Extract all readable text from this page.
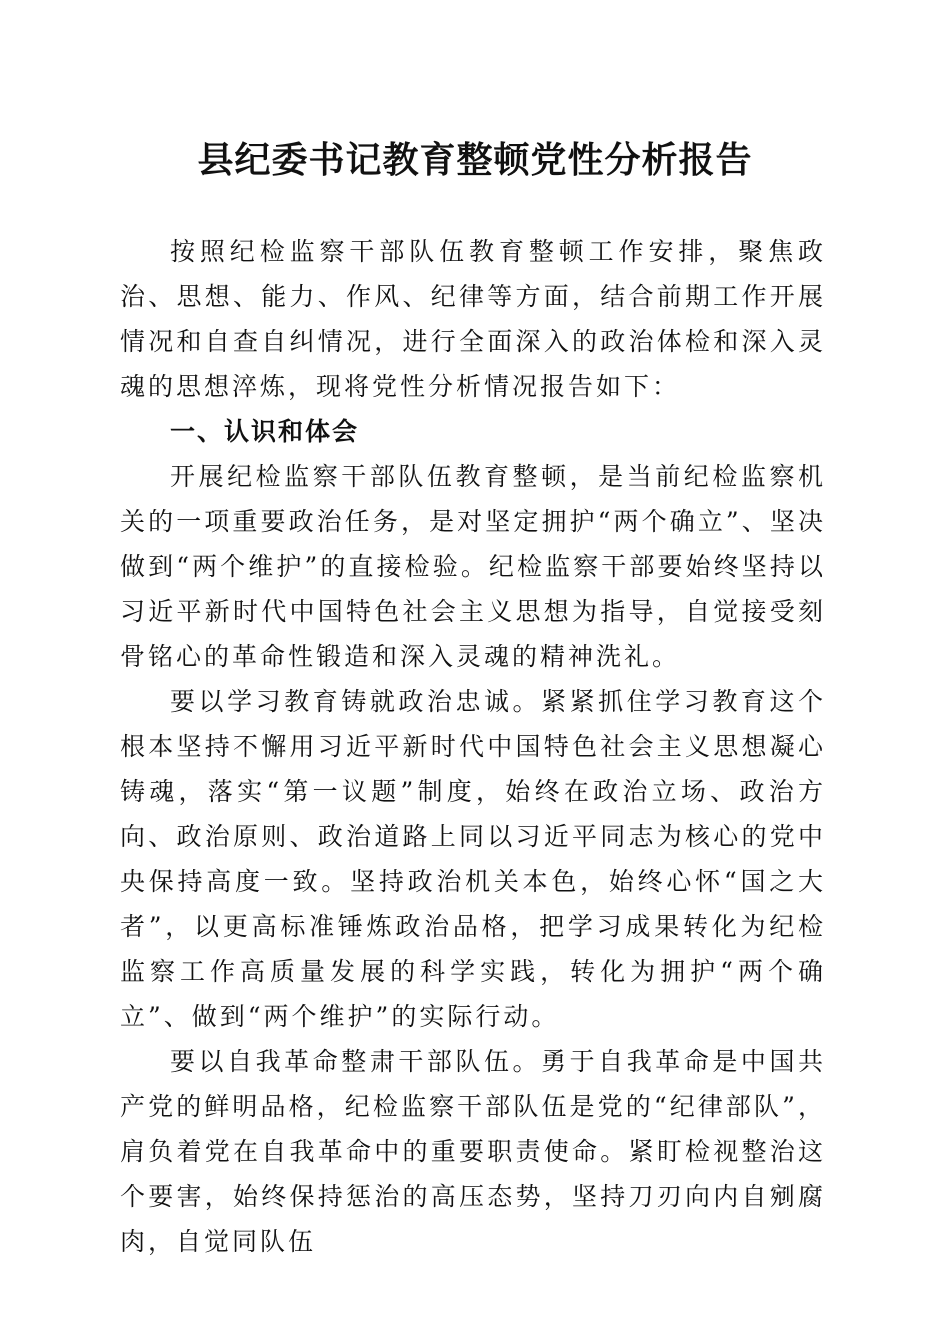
县纪委书记教育整顿党性分析报告

按照纪检监察干部队伍教育整顿工作安排，聚焦政治、思想、能力、作风、纪律等方面，结合前期工作开展情况和自查自纠情况，进行全面深入的政治体检和深入灵魂的思想淬炼，现将党性分析情况报告如下：

一、认识和体会

开展纪检监察干部队伍教育整顿，是当前纪检监察机关的一项重要政治任务，是对坚定拥护“两个确立”、坚决做到“两个维护”的直接检验。纪检监察干部要始终坚持以习近平新时代中国特色社会主义思想为指导，自觉接受刻骨铭心的革命性锻造和深入灵魂的精神洗礼。

要以学习教育铸就政治忠诚。紧紧抓住学习教育这个根本坚持不懈用习近平新时代中国特色社会主义思想凝心铸魂，落实“第一议题”制度，始终在政治立场、政治方向、政治原则、政治道路上同以习近平同志为核心的党中央保持高度一致。坚持政治机关本色，始终心怀“国之大者”，以更高标准锤炼政治品格，把学习成果转化为纪检监察工作高质量发展的科学实践，转化为拥护“两个确立”、做到“两个维护”的实际行动。

要以自我革命整肃干部队伍。勇于自我革命是中国共产党的鲜明品格，纪检监察干部队伍是党的“纪律部队”，肩负着党在自我革命中的重要职责使命。紧盯检视整治这个要害，始终保持惩治的高压态势，坚持刀刃向内自剜腐肉，自觉同队伍
